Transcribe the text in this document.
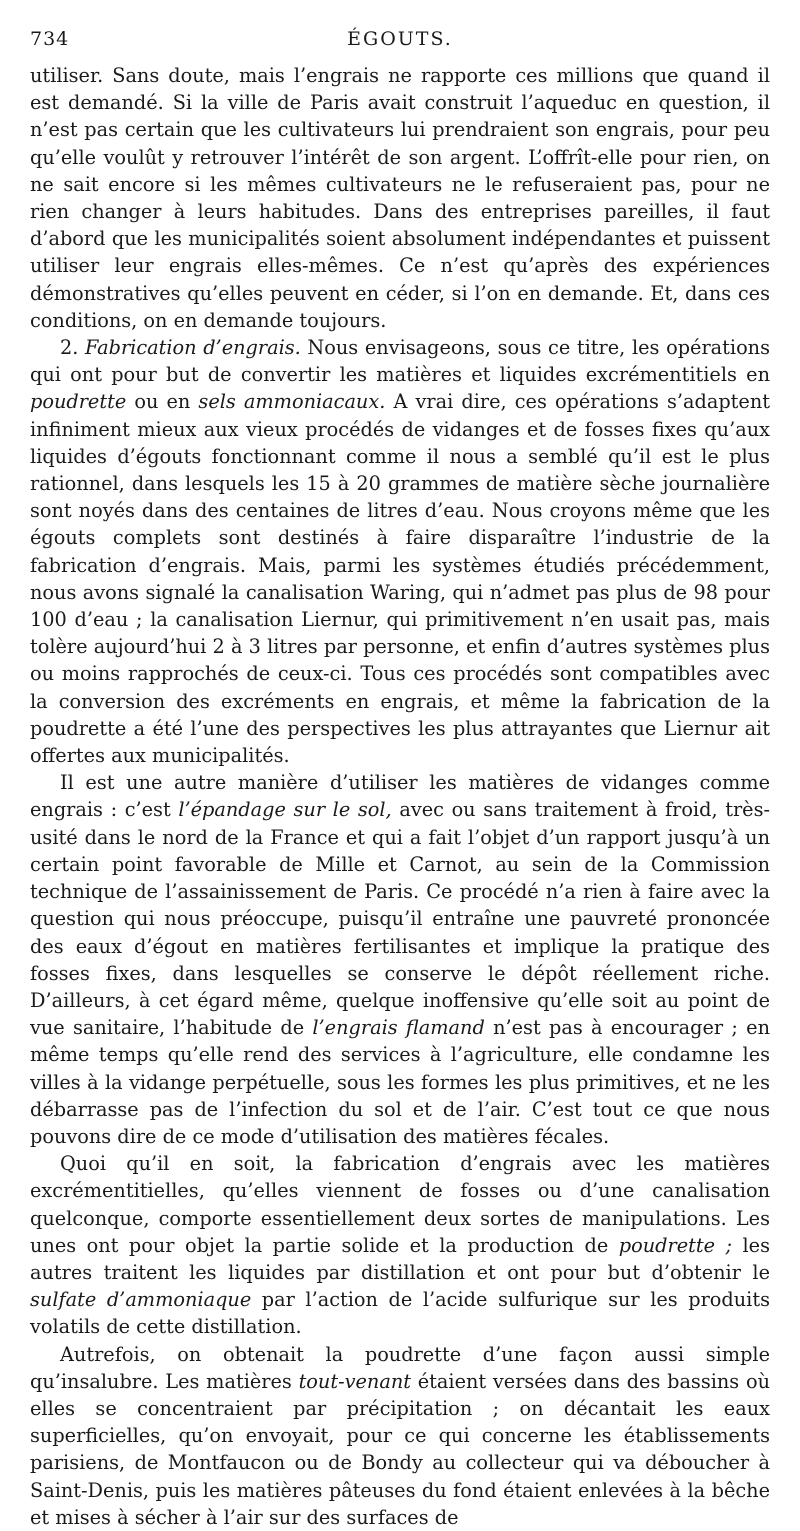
734	ÉGOUTS.

utiliser. Sans doute, mais l’engrais ne rapporte ces millions que quand il est demandé. Si la ville de Paris avait construit l’aqueduc en question, il n’est pas certain que les cultivateurs lui prendraient son engrais, pour peu qu’elle voulût y retrouver l’intérêt de son argent. L’offrît-elle pour rien, on ne sait encore si les mêmes cultivateurs ne le refuseraient pas, pour ne rien changer à leurs habitudes. Dans des entreprises pareilles, il faut d’abord que les municipalités soient absolument indépendantes et puissent utiliser leur engrais elles-mêmes. Ce n’est qu’après des expériences démonstratives qu’elles peuvent en céder, si l’on en demande. Et, dans ces conditions, on en demande toujours.

2. Fabrication d’engrais. Nous envisageons, sous ce titre, les opérations qui ont pour but de convertir les matières et liquides excrémentitiels en poudrette ou en sels ammoniacaux. A vrai dire, ces opérations s’adaptent infiniment mieux aux vieux procédés de vidanges et de fosses fixes qu’aux liquides d’égouts fonctionnant comme il nous a semblé qu’il est le plus rationnel, dans lesquels les 15 à 20 grammes de matière sèche journalière sont noyés dans des centaines de litres d’eau. Nous croyons même que les égouts complets sont destinés à faire disparaître l’industrie de la fabrication d’engrais. Mais, parmi les systèmes étudiés précédemment, nous avons signalé la canalisation Waring, qui n’admet pas plus de 98 pour 100 d’eau ; la canalisation Liernur, qui primitivement n’en usait pas, mais tolère aujourd’hui 2 à 3 litres par personne, et enfin d’autres systèmes plus ou moins rapprochés de ceux-ci. Tous ces procédés sont compatibles avec la conversion des excréments en engrais, et même la fabrication de la poudrette a été l’une des perspectives les plus attrayantes que Liernur ait offertes aux municipalités.

Il est une autre manière d’utiliser les matières de vidanges comme engrais : c’est l’épandage sur le sol, avec ou sans traitement à froid, très-usité dans le nord de la France et qui a fait l’objet d’un rapport jusqu’à un certain point favorable de Mille et Carnot, au sein de la Commission technique de l’assainissement de Paris. Ce procédé n’a rien à faire avec la question qui nous préoccupe, puisqu’il entraîne une pauvreté prononcée des eaux d’égout en matières fertilisantes et implique la pratique des fosses fixes, dans lesquelles se conserve le dépôt réellement riche. D’ailleurs, à cet égard même, quelque inoffensive qu’elle soit au point de vue sanitaire, l’habitude de l’engrais flamand n’est pas à encourager ; en même temps qu’elle rend des services à l’agriculture, elle condamne les villes à la vidange perpétuelle, sous les formes les plus primitives, et ne les débarrasse pas de l’infection du sol et de l’air. C’est tout ce que nous pouvons dire de ce mode d’utilisation des matières fécales.

Quoi qu’il en soit, la fabrication d’engrais avec les matières excrémentitielles, qu’elles viennent de fosses ou d’une canalisation quelconque, comporte essentiellement deux sortes de manipulations. Les unes ont pour objet la partie solide et la production de poudrette ; les autres traitent les liquides par distillation et ont pour but d’obtenir le sulfate d’ammoniaque par l’action de l’acide sulfurique sur les produits volatils de cette distillation.

Autrefois, on obtenait la poudrette d’une façon aussi simple qu’insalubre. Les matières tout-venant étaient versées dans des bassins où elles se concentraient par précipitation ; on décantait les eaux superficielles, qu’on envoyait, pour ce qui concerne les établissements parisiens, de Montfaucon ou de Bondy au collecteur qui va déboucher à Saint-Denis, puis les matières pâteuses du fond étaient enlevées à la bêche et mises à sécher à l’air sur des surfaces de
